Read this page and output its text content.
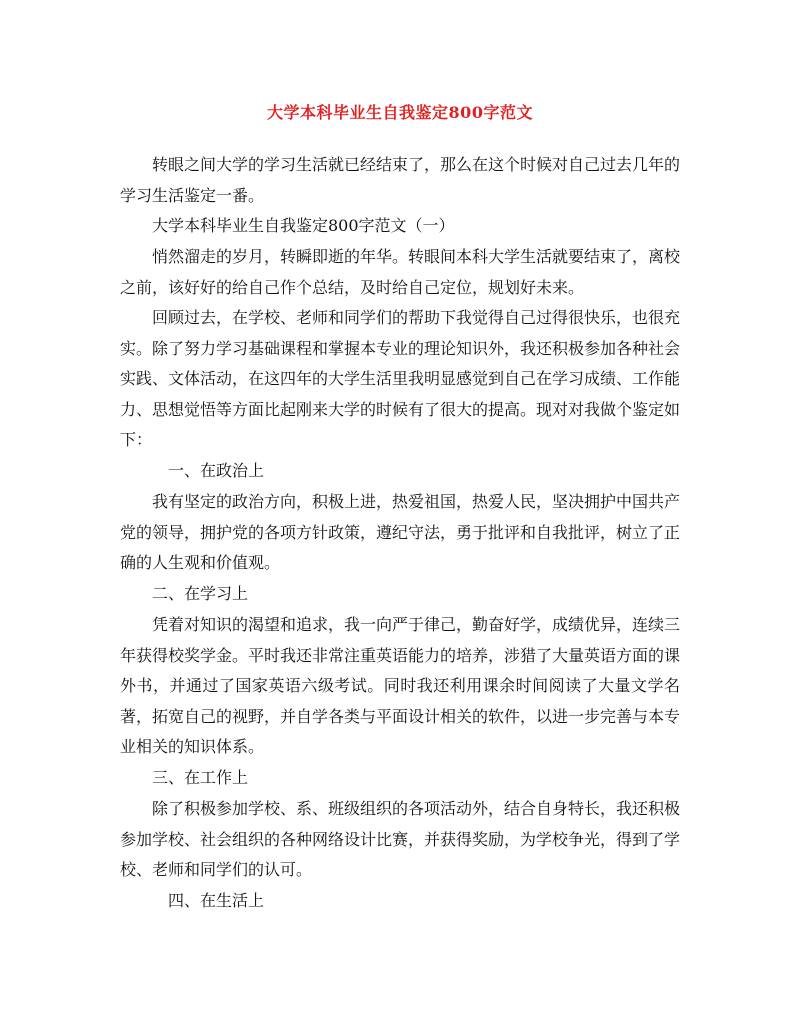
大学本科毕业生自我鉴定800字范文

转眼之间大学的学习生活就已经结束了，那么在这个时候对自己过去几年的学习生活鉴定一番。

大学本科毕业生自我鉴定800字范文（一）

悄然溜走的岁月，转瞬即逝的年华。转眼间本科大学生活就要结束了，离校之前，该好好的给自己作个总结，及时给自己定位，规划好未来。

回顾过去，在学校、老师和同学们的帮助下我觉得自己过得很快乐，也很充实。除了努力学习基础课程和掌握本专业的理论知识外，我还积极参加各种社会实践、文体活动，在这四年的大学生活里我明显感觉到自己在学习成绩、工作能力、思想觉悟等方面比起刚来大学的时候有了很大的提高。现对对我做个鉴定如下：

一、在政治上

我有坚定的政治方向，积极上进，热爱祖国，热爱人民，坚决拥护中国共产党的领导，拥护党的各项方针政策，遵纪守法，勇于批评和自我批评，树立了正确的人生观和价值观。

二、在学习上

凭着对知识的渴望和追求，我一向严于律己，勤奋好学，成绩优异，连续三年获得校奖学金。平时我还非常注重英语能力的培养，涉猎了大量英语方面的课外书，并通过了国家英语六级考试。同时我还利用课余时间阅读了大量文学名著，拓宽自己的视野，并自学各类与平面设计相关的软件，以进一步完善与本专业相关的知识体系。

三、在工作上

除了积极参加学校、系、班级组织的各项活动外，结合自身特长，我还积极参加学校、社会组织的各种网络设计比赛，并获得奖励，为学校争光，得到了学校、老师和同学们的认可。

四、在生活上
